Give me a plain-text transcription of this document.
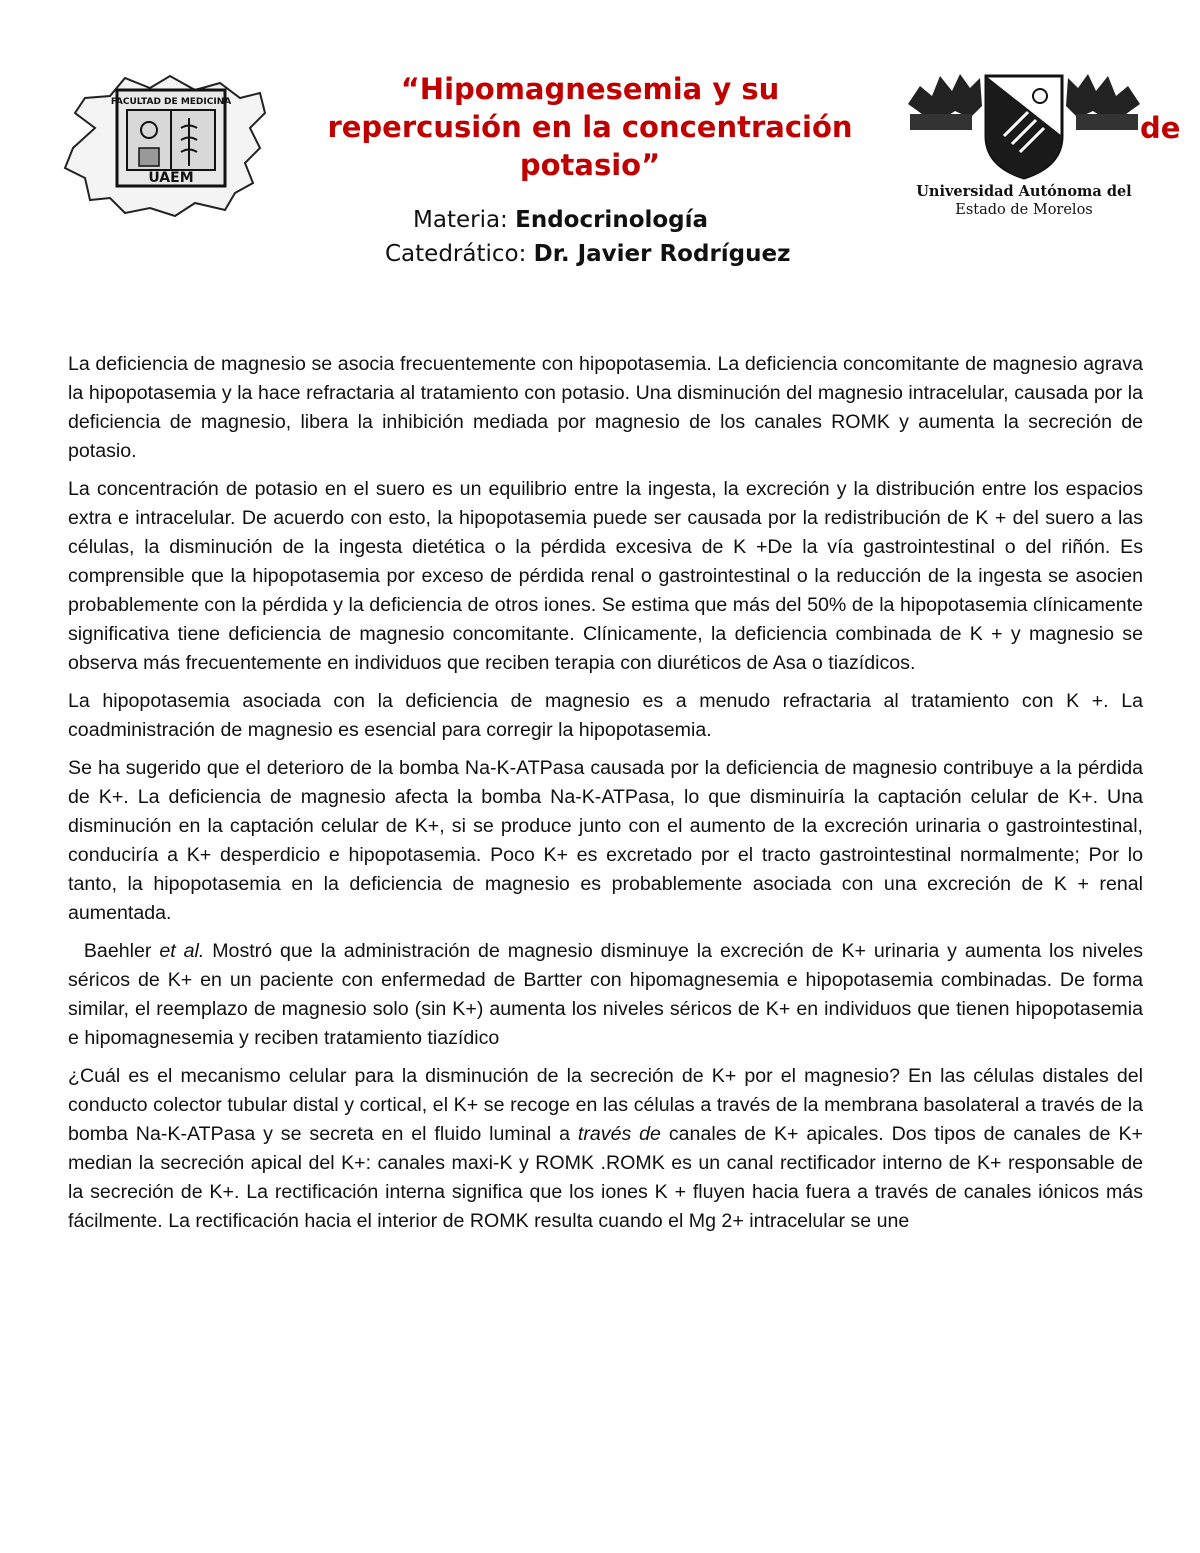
FACULTAD DE MEDICINA
UAEM
“Hipomagnesemia y su
repercusión en la concentración
potasio”
de
Universidad Autónoma del
Estado de Morelos
Materia: Endocrinología
Catedrático: Dr. Javier Rodríguez

La deficiencia de magnesio se asocia frecuentemente con hipopotasemia. La deficiencia concomitante de magnesio agrava la hipopotasemia y la hace refractaria al tratamiento con potasio. Una disminución del magnesio intracelular, causada por la deficiencia de magnesio, libera la inhibición mediada por magnesio de los canales ROMK y aumenta la secreción de potasio.

La concentración de potasio en el suero es un equilibrio entre la ingesta, la excreción y la distribución entre los espacios extra e intracelular. De acuerdo con esto, la hipopotasemia puede ser causada por la redistribución de K + del suero a las células, la disminución de la ingesta dietética o la pérdida excesiva de K +De la vía gastrointestinal o del riñón. Es comprensible que la hipopotasemia por exceso de pérdida renal o gastrointestinal o la reducción de la ingesta se asocien probablemente con la pérdida y la deficiencia de otros iones. Se estima que más del 50% de la hipopotasemia clínicamente significativa tiene deficiencia de magnesio concomitante. Clínicamente, la deficiencia combinada de K + y magnesio se observa más frecuentemente en individuos que reciben terapia con diuréticos de Asa o tiazídicos.

La hipopotasemia asociada con la deficiencia de magnesio es a menudo refractaria al tratamiento con K +. La coadministración de magnesio es esencial para corregir la hipopotasemia.

Se ha sugerido que el deterioro de la bomba Na-K-ATPasa causada por la deficiencia de magnesio contribuye a la pérdida de K+. La deficiencia de magnesio afecta la bomba Na-K-ATPasa, lo que disminuiría la captación celular de K+. Una disminución en la captación celular de K+, si se produce junto con el aumento de la excreción urinaria o gastrointestinal, conduciría a K+ desperdicio e hipopotasemia. Poco K+ es excretado por el tracto gastrointestinal normalmente; Por lo tanto, la hipopotasemia en la deficiencia de magnesio es probablemente asociada con una excreción de K + renal aumentada.

Baehler et al. Mostró que la administración de magnesio disminuye la excreción de K+ urinaria y aumenta los niveles séricos de K+ en un paciente con enfermedad de Bartter con hipomagnesemia e hipopotasemia combinadas. De forma similar, el reemplazo de magnesio solo (sin K+) aumenta los niveles séricos de K+ en individuos que tienen hipopotasemia e hipomagnesemia y reciben tratamiento tiazídico

¿Cuál es el mecanismo celular para la disminución de la secreción de K+ por el magnesio? En las células distales del conducto colector tubular distal y cortical, el K+ se recoge en las células a través de la membrana basolateral a través de la bomba Na-K-ATPasa y se secreta en el fluido luminal a través de canales de K+ apicales. Dos tipos de canales de K+ median la secreción apical del K+: canales maxi-K y ROMK .ROMK es un canal rectificador interno de K+ responsable de la secreción de K+. La rectificación interna significa que los iones K + fluyen hacia fuera a través de canales iónicos más fácilmente. La rectificación hacia el interior de ROMK resulta cuando el Mg 2+ intracelular se une
